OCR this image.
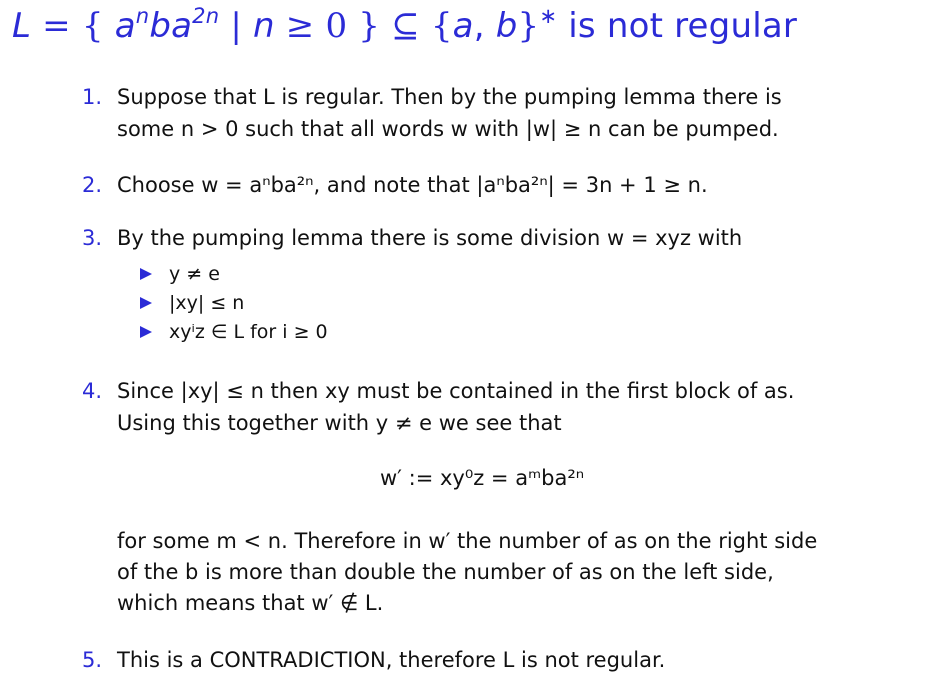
L = { $a^nba^{2n}$ | n ≥ 0 } ⊆ {a, b}∗ is not regular
1. Suppose that L is regular. Then by the pumping lemma there is
some n > 0 such that all words w with |w| ≥ n can be pumped.
2. Choose w = aⁿba²ⁿ, and note that |aⁿba²ⁿ| = 3n + 1 ≥ n.
3. By the pumping lemma there is some division w = xyz with
y ≠ e
|xy| ≤ n
xyⁱz ∈ L for i ≥ 0
4. Since |xy| ≤ n then xy must be contained in the first block of as.
Using this together with y ≠ e we see that
for some m < n. Therefore in w′ the number of as on the right side
of the b is more than double the number of as on the left side,
which means that w′ ∉ L.
w′ := xy⁰z = aᵐba²ⁿ
5. This is a CONTRADICTION, therefore L is not regular.
